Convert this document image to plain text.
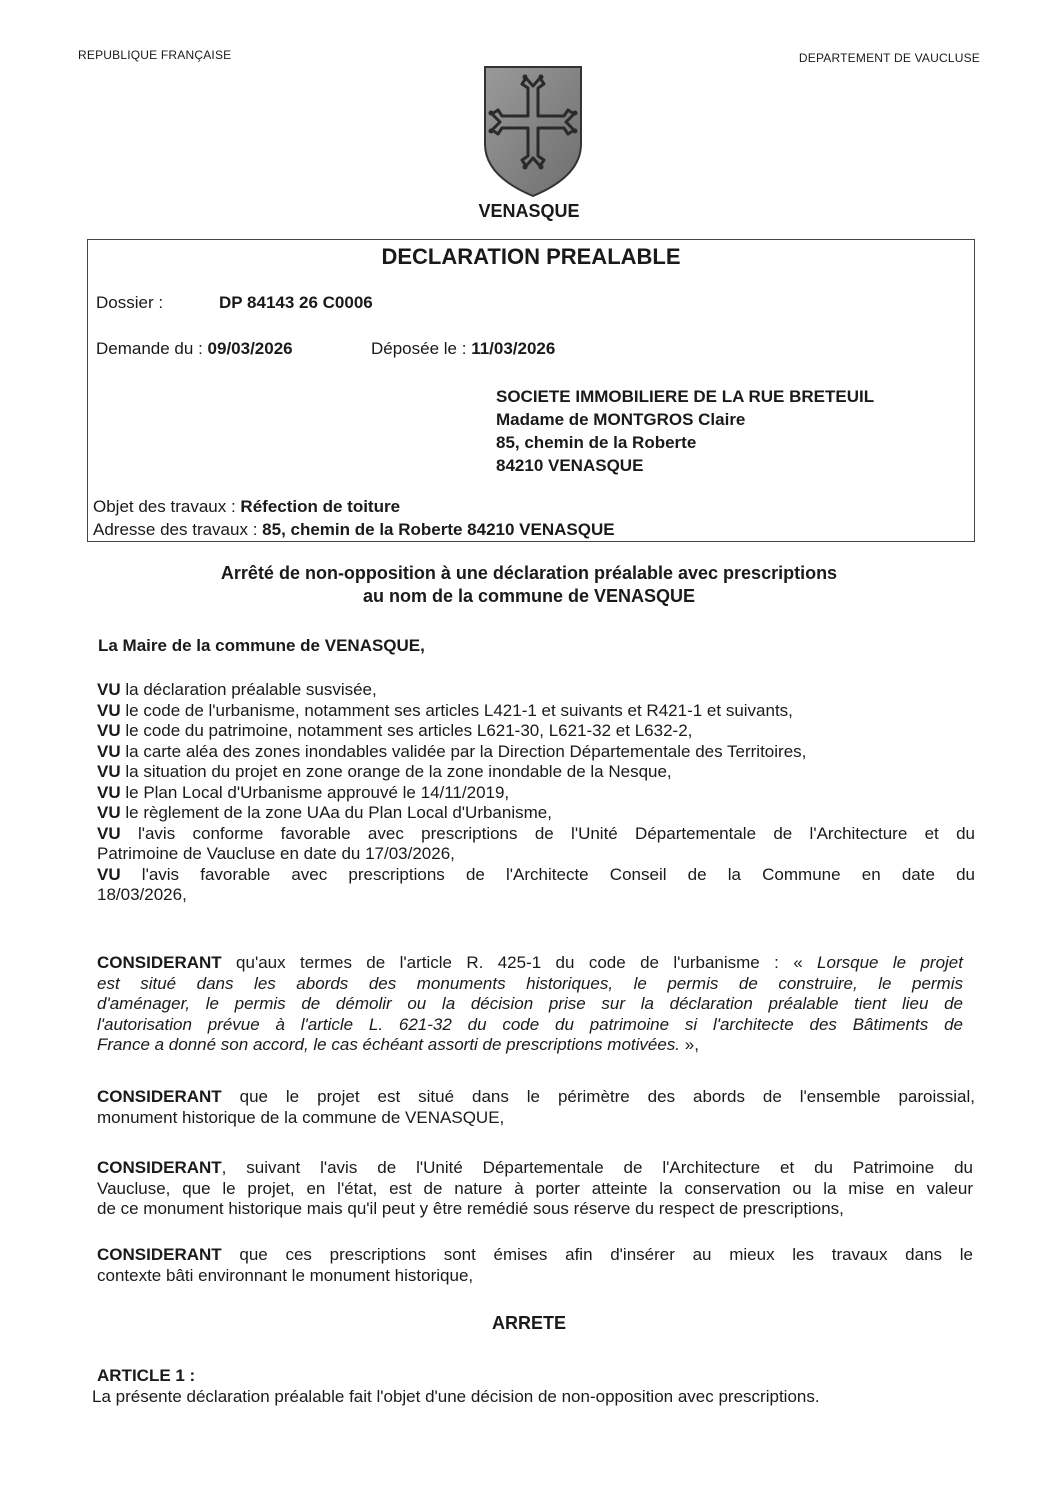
REPUBLIQUE FRANÇAISE	DEPARTEMENT DE VAUCLUSE
VENASQUE
DECLARATION PREALABLE
Dossier :	DP 84143 26 C0006
Demande du : 09/03/2026	Déposée le : 11/03/2026
SOCIETE IMMOBILIERE DE LA RUE BRETEUIL
Madame de MONTGROS Claire
85, chemin de la Roberte
84210 VENASQUE
Objet des travaux : Réfection de toiture
Adresse des travaux : 85, chemin de la Roberte 84210 VENASQUE
Arrêté de non-opposition à une déclaration préalable avec prescriptions
au nom de la commune de VENASQUE
La Maire de la commune de VENASQUE,
VU la déclaration préalable susvisée,
VU le code de l'urbanisme, notamment ses articles L421-1 et suivants et R421-1 et suivants,
VU le code du patrimoine, notamment ses articles L621-30, L621-32 et L632-2,
VU la carte aléa des zones inondables validée par la Direction Départementale des Territoires,
VU la situation du projet en zone orange de la zone inondable de la Nesque,
VU le Plan Local d'Urbanisme approuvé le 14/11/2019,
VU le règlement de la zone UAa du Plan Local d'Urbanisme,
VU l'avis conforme favorable avec prescriptions de l'Unité Départementale de l'Architecture et du
Patrimoine de Vaucluse en date du 17/03/2026,
VU l'avis favorable avec prescriptions de l'Architecte Conseil de la Commune en date du
18/03/2026,
CONSIDERANT qu'aux termes de l'article R. 425-1 du code de l'urbanisme : « Lorsque le projet
est situé dans les abords des monuments historiques, le permis de construire, le permis
d'aménager, le permis de démolir ou la décision prise sur la déclaration préalable tient lieu de
l'autorisation prévue à l'article L. 621-32 du code du patrimoine si l'architecte des Bâtiments de
France a donné son accord, le cas échéant assorti de prescriptions motivées. »,
CONSIDERANT que le projet est situé dans le périmètre des abords de l'ensemble paroissial,
monument historique de la commune de VENASQUE,
CONSIDERANT, suivant l'avis de l'Unité Départementale de l'Architecture et du Patrimoine du
Vaucluse, que le projet, en l'état, est de nature à porter atteinte la conservation ou la mise en valeur
de ce monument historique mais qu'il peut y être remédié sous réserve du respect de prescriptions,
CONSIDERANT que ces prescriptions sont émises afin d'insérer au mieux les travaux dans le
contexte bâti environnant le monument historique,
ARRETE
ARTICLE 1 :
La présente déclaration préalable fait l'objet d'une décision de non-opposition avec prescriptions.
